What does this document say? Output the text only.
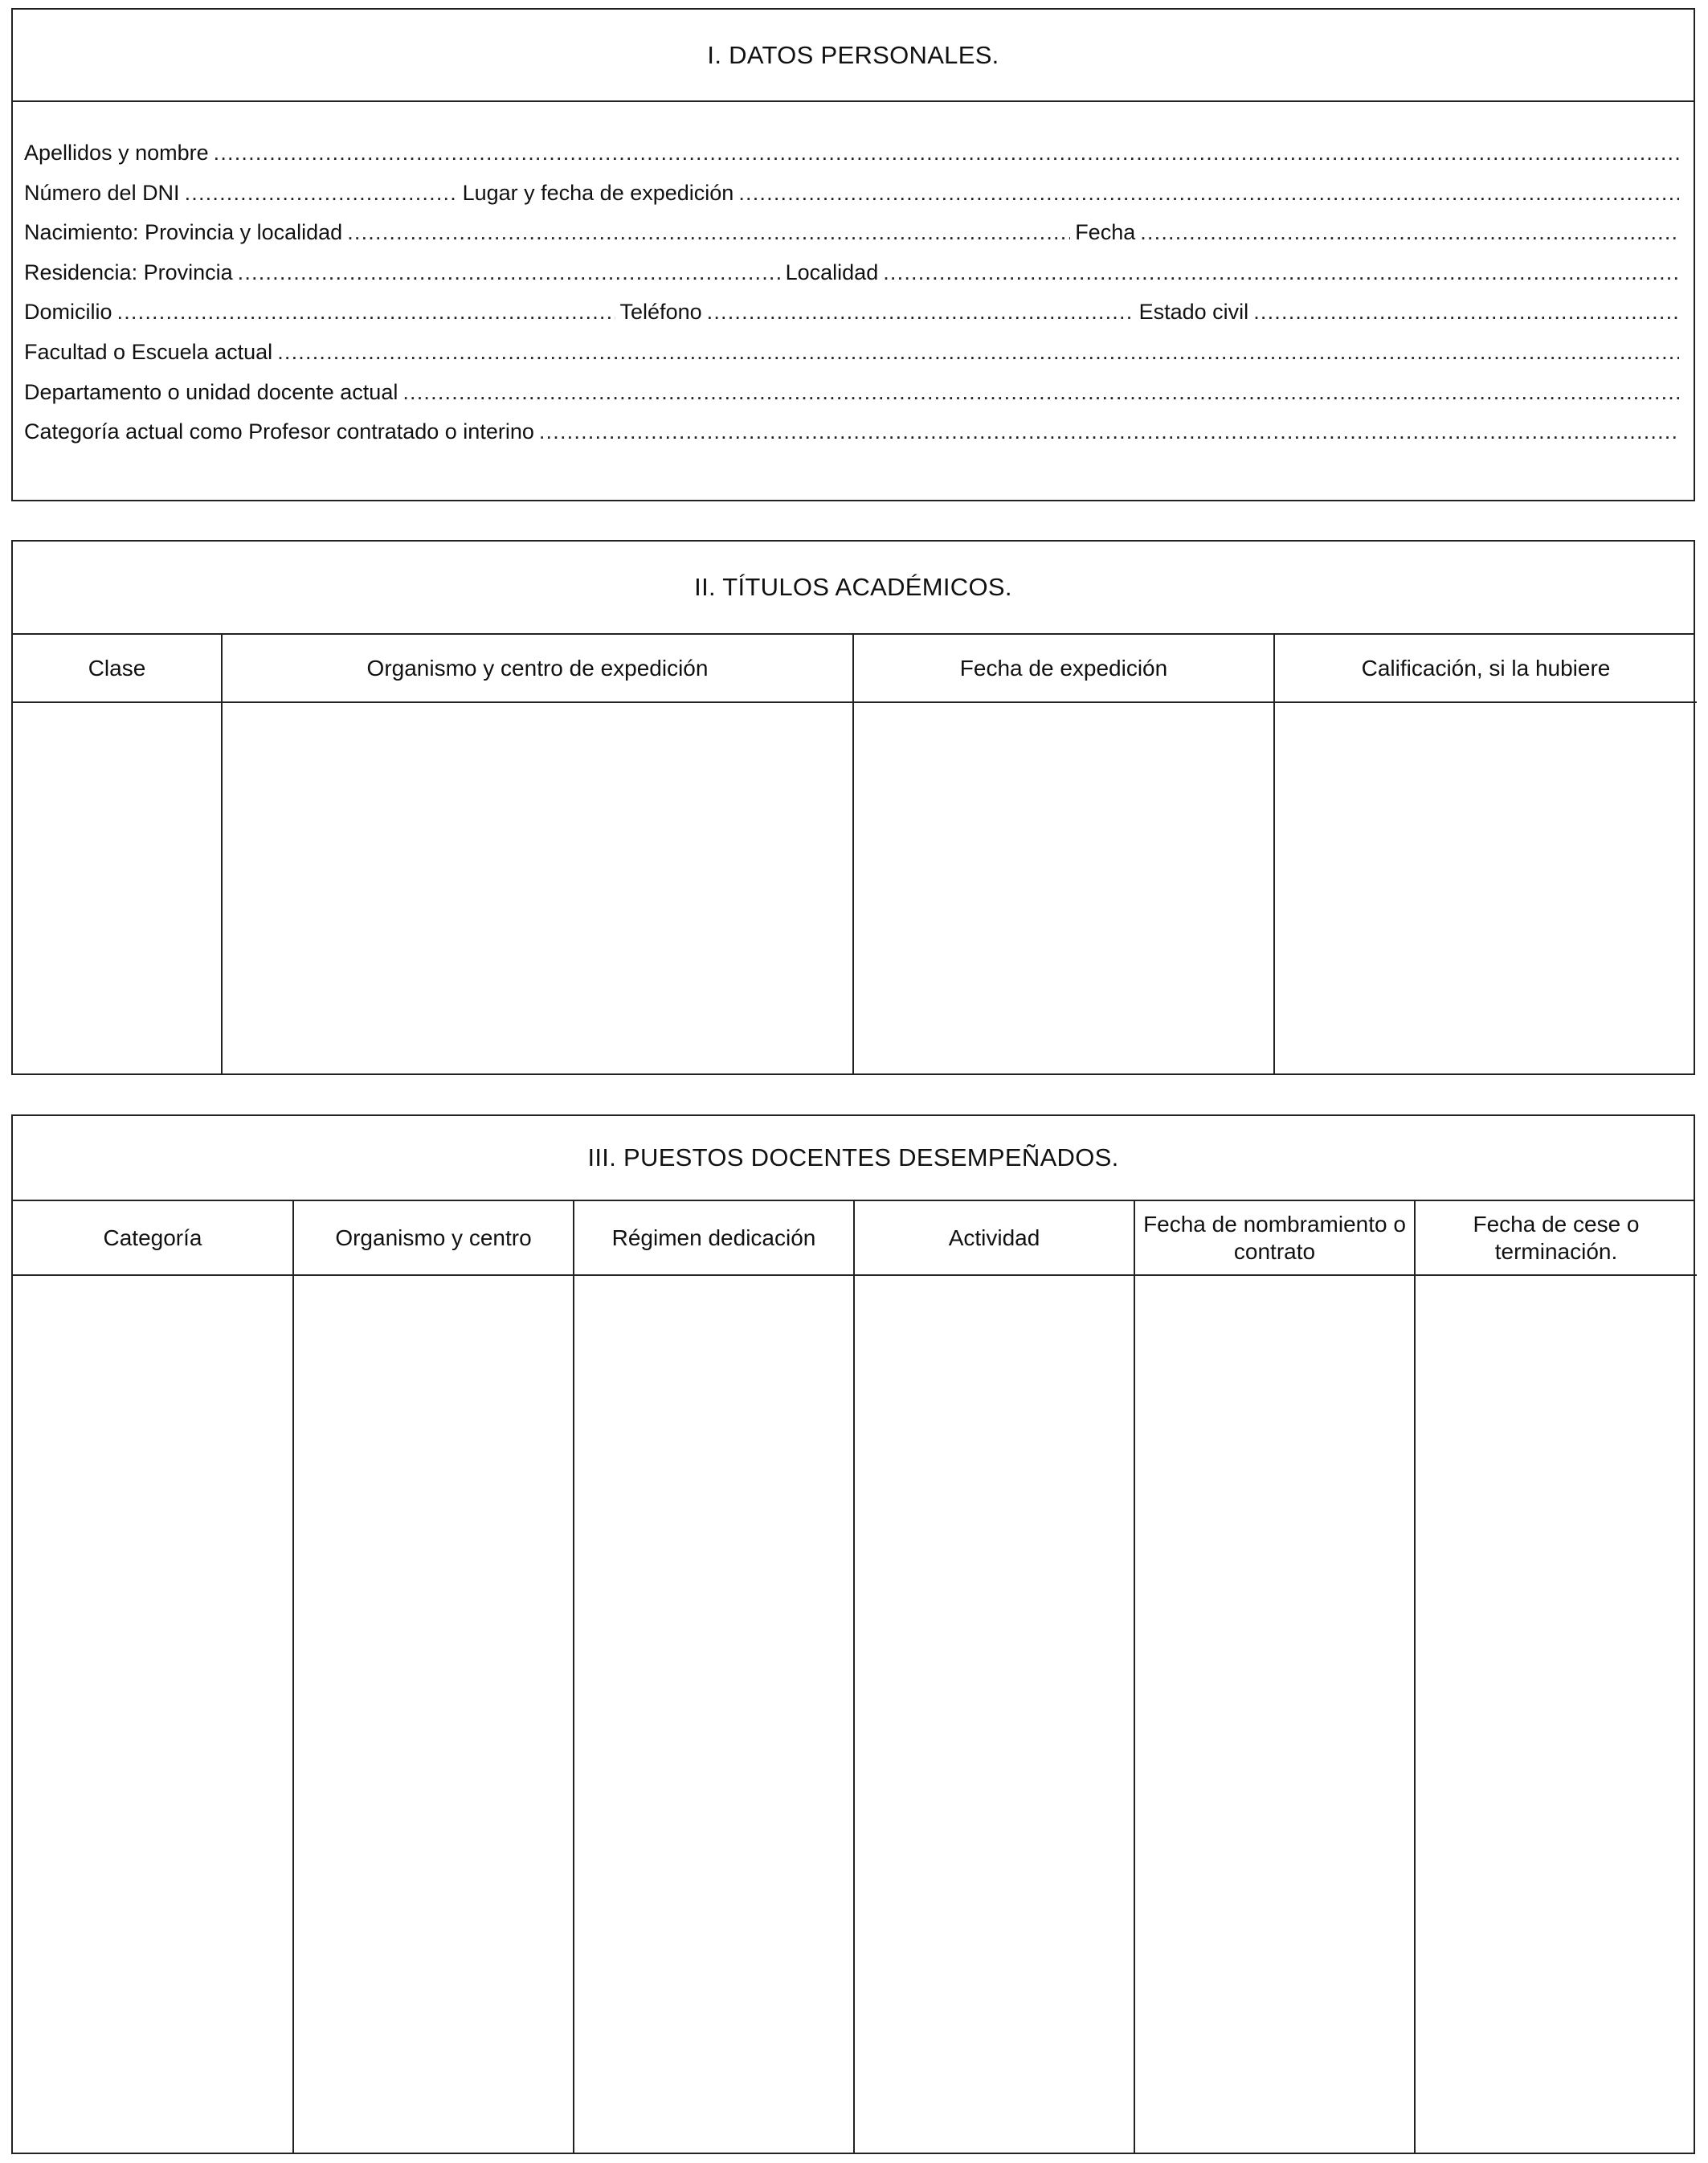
I. DATOS PERSONALES.
Apellidos y nombre
.....
Número del DNI .....	Lugar y fecha de expedición
.....
Nacimiento: Provincia y localidad .....	Fecha
.....
Residencia: Provincia .....	Localidad
.....
Domicilio .....	Teléfono .....	Estado civil
.....
Facultad o Escuela actual
.....
Departamento o unidad docente actual
.....
Categoría actual como Profesor contratado o interino
.....
II. TÍTULOS ACADÉMICOS.
Clase	Organismo y centro de expedición	Fecha de expedición	Calificación, si la hubiere

III. PUESTOS DOCENTES DESEMPEÑADOS.
Categoría	Organismo y centro	Régimen dedicación	Actividad	Fecha de nombramiento o contrato	Fecha de cese o terminación.
